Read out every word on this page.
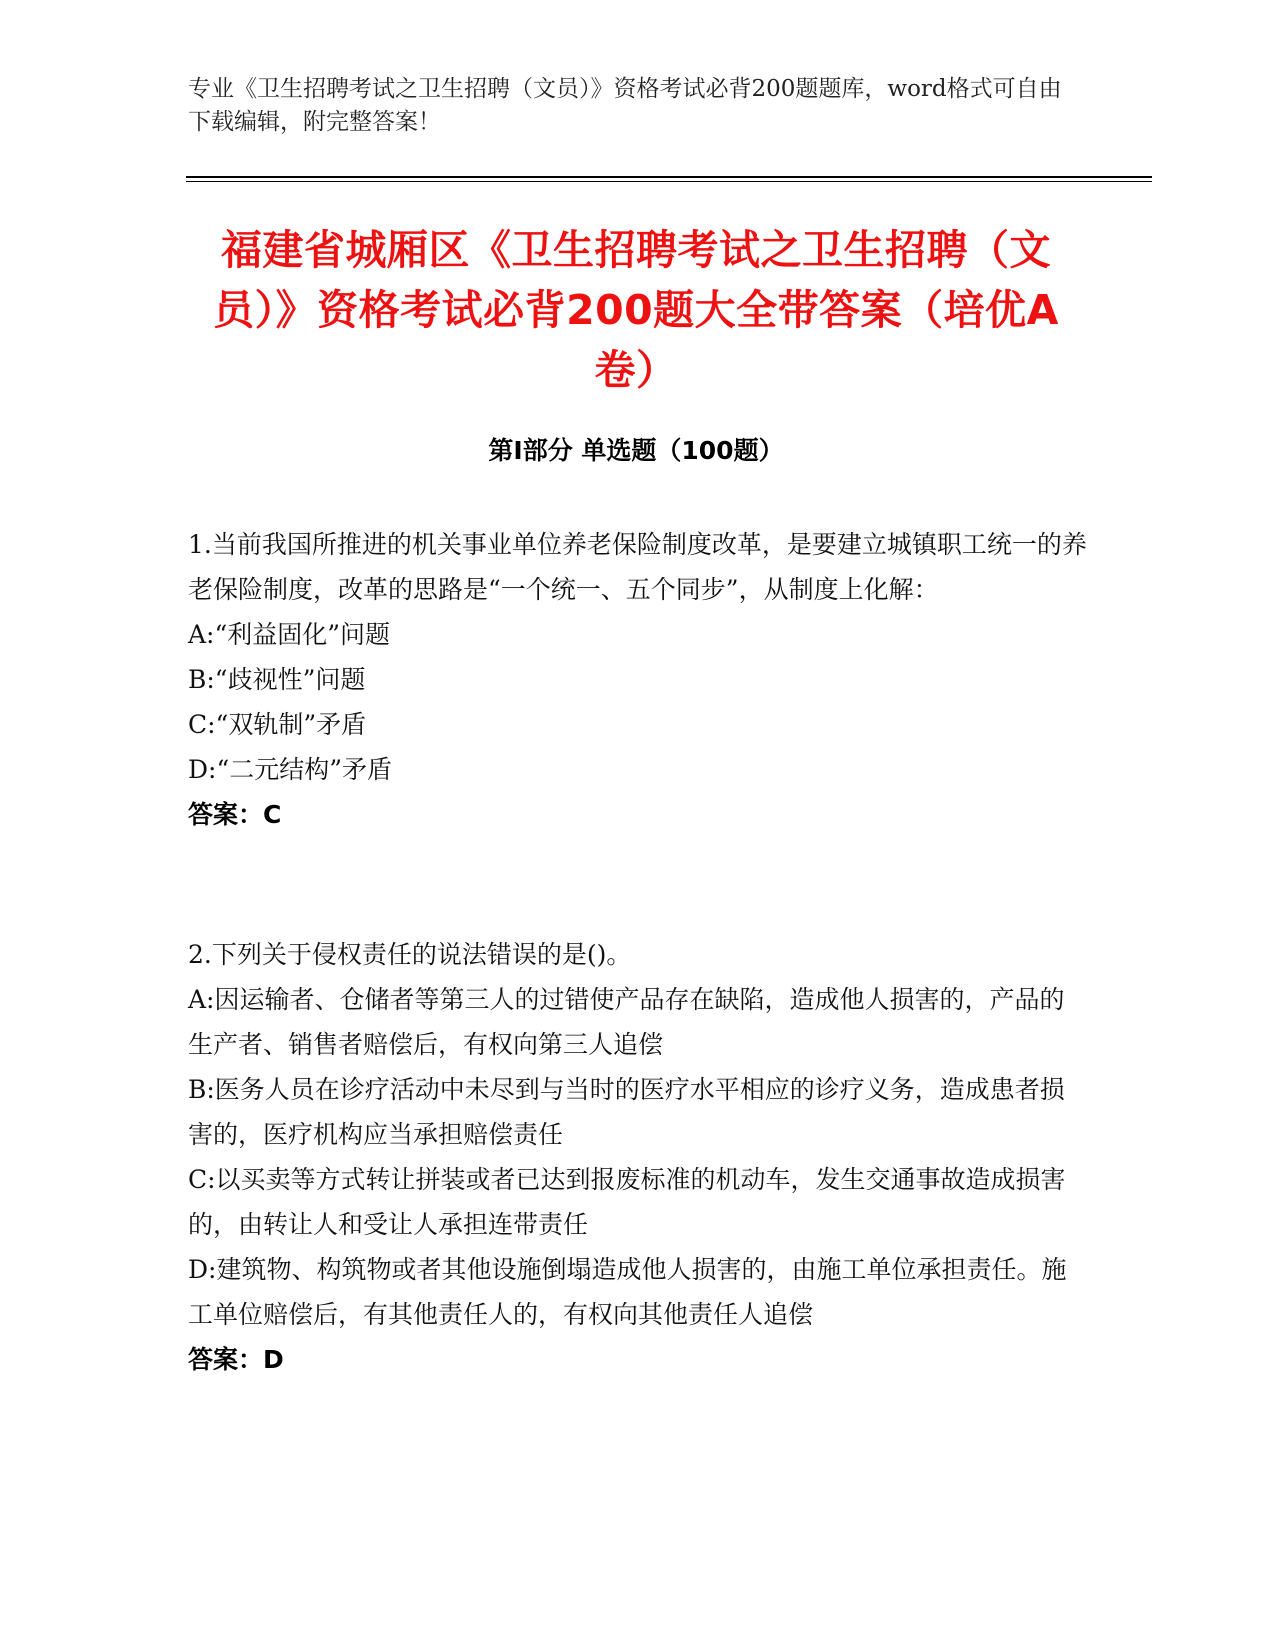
专业《卫生招聘考试之卫生招聘（文员）》资格考试必背200题题库，word格式可自由下载编辑，附完整答案！
福建省城厢区《卫生招聘考试之卫生招聘（文员）》资格考试必背200题大全带答案（培优A卷）
第Ⅰ部分 单选题（100题）
1.当前我国所推进的机关事业单位养老保险制度改革，是要建立城镇职工统一的养老保险制度，改革的思路是“一个统一、五个同步”，从制度上化解：
A:“利益固化”问题
B:“歧视性”问题
C:“双轨制”矛盾
D:“二元结构”矛盾
答案：C
2.下列关于侵权责任的说法错误的是()。
A:因运输者、仓储者等第三人的过错使产品存在缺陷，造成他人损害的，产品的生产者、销售者赔偿后，有权向第三人追偿
B:医务人员在诊疗活动中未尽到与当时的医疗水平相应的诊疗义务，造成患者损害的，医疗机构应当承担赔偿责任
C:以买卖等方式转让拼装或者已达到报废标准的机动车，发生交通事故造成损害的，由转让人和受让人承担连带责任
D:建筑物、构筑物或者其他设施倒塌造成他人损害的，由施工单位承担责任。施工单位赔偿后，有其他责任人的，有权向其他责任人追偿
答案：D
